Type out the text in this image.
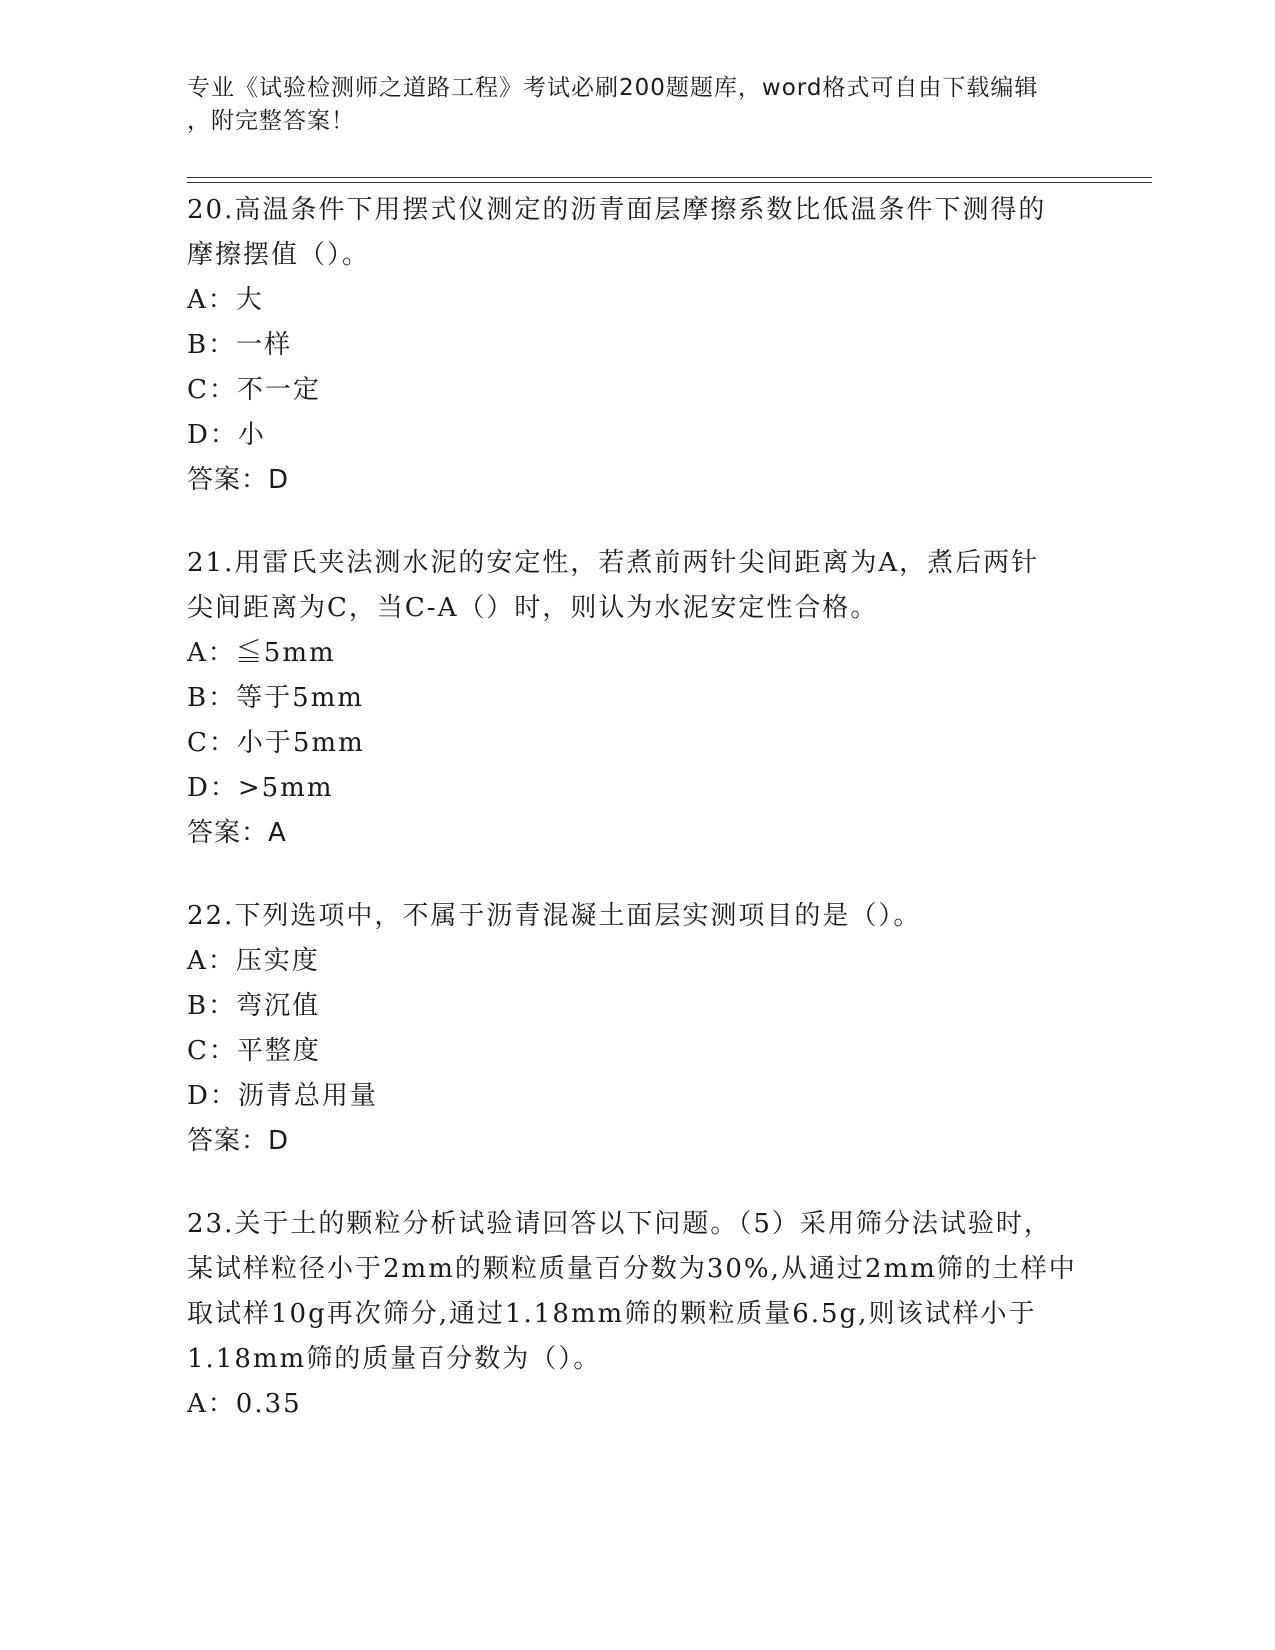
专业《试验检测师之道路工程》考试必刷200题题库，word格式可自由下载编辑
，附完整答案！

20.高温条件下用摆式仪测定的沥青面层摩擦系数比低温条件下测得的

摩擦摆值（）。

A：大

B：一样

C：不一定

D：小

答案：D

21.用雷氏夹法测水泥的安定性，若煮前两针尖间距离为A，煮后两针

尖间距离为C，当C-A（）时，则认为水泥安定性合格。

A：≦5mm

B：等于5mm

C：小于5mm

D：>5mm

答案：A

22.下列选项中，不属于沥青混凝土面层实测项目的是（）。

A：压实度

B：弯沉值

C：平整度

D：沥青总用量

答案：D

23.关于土的颗粒分析试验请回答以下问题。（5）采用筛分法试验时，

某试样粒径小于2mm的颗粒质量百分数为30%,从通过2mm筛的土样中

取试样10g再次筛分,通过1.18mm筛的颗粒质量6.5g,则该试样小于

1.18mm筛的质量百分数为（）。

A：0.35
